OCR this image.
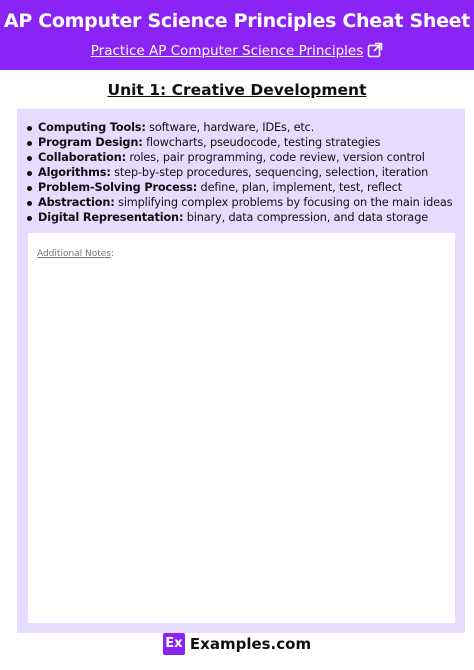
AP Computer Science Principles Cheat Sheet
Practice AP Computer Science Principles
Unit 1: Creative Development
Computing Tools: software, hardware, IDEs, etc.
Program Design: flowcharts, pseudocode, testing strategies
Collaboration: roles, pair programming, code review, version control
Algorithms: step-by-step procedures, sequencing, selection, iteration
Problem-Solving Process: define, plan, implement, test, reflect
Abstraction: simplifying complex problems by focusing on the main ideas
Digital Representation: binary, data compression, and data storage
Additional Notes:
Ex Examples.com
